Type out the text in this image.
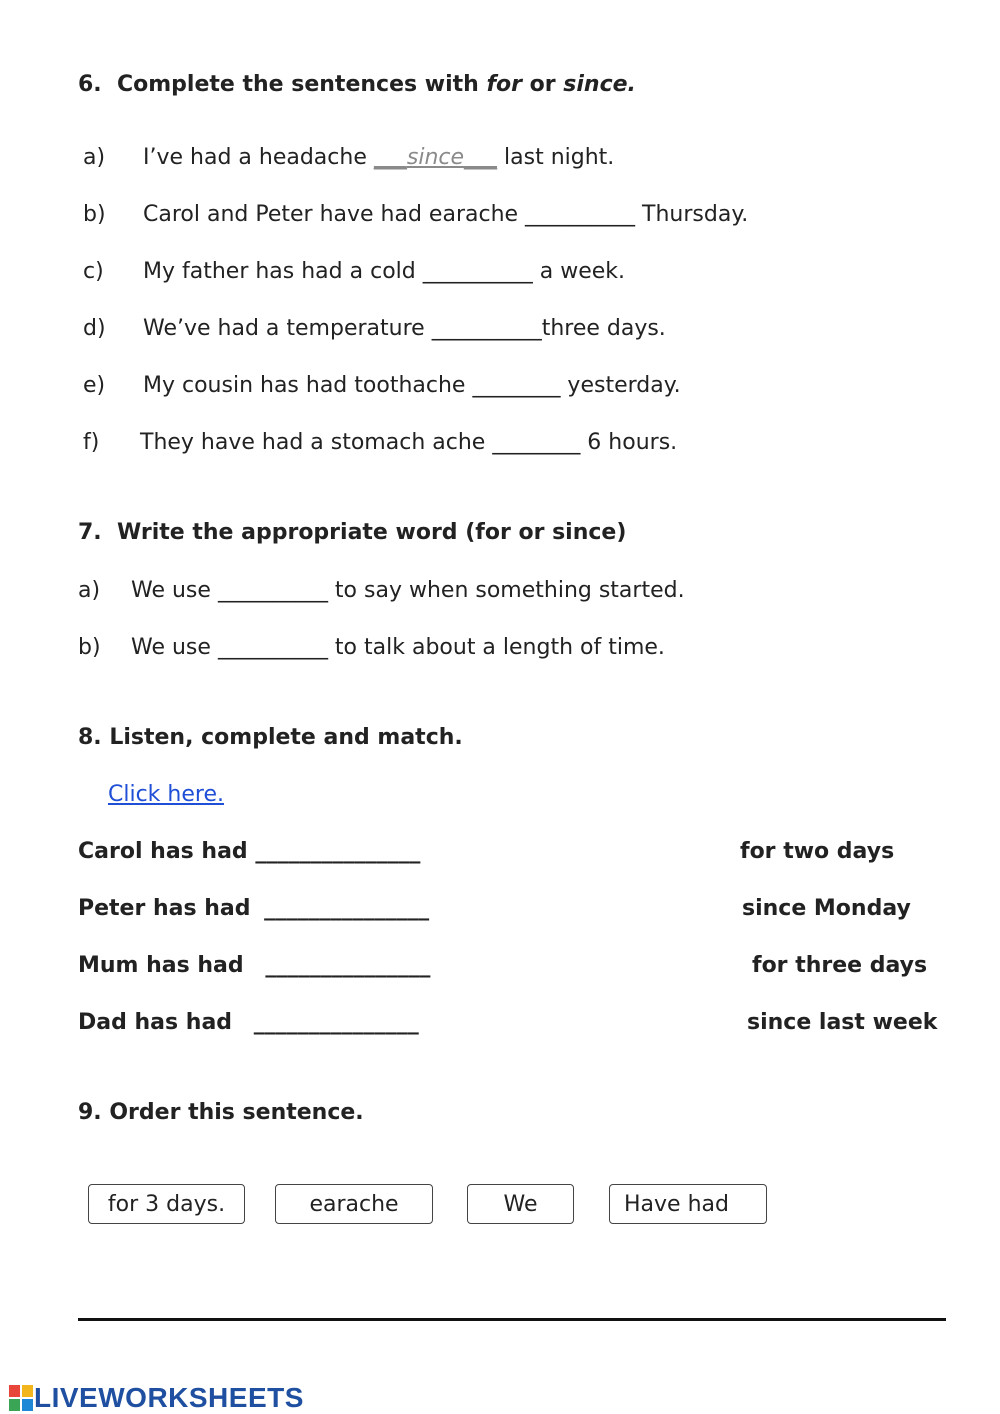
6. Complete the sentences with for or since.
a) I’ve had a headache ___since___ last night.
b) Carol and Peter have had earache __________ Thursday.
c) My father has had a cold __________ a week.
d) We’ve had a temperature __________three days.
e) My cousin has had toothache ________ yesterday.
f) They have had a stomach ache ________ 6 hours.
7. Write the appropriate word (for or since)
a) We use __________ to say when something started.
b) We use __________ to talk about a length of time.
8. Listen, complete and match.
Click here.
Carol has had _______________	for two days
Peter has had _______________	since Monday
Mum has had _______________	for three days
Dad has had _______________	since last week
9. Order this sentence.
for 3 days.	earache	We	Have had
LIVEWORKSHEETS
